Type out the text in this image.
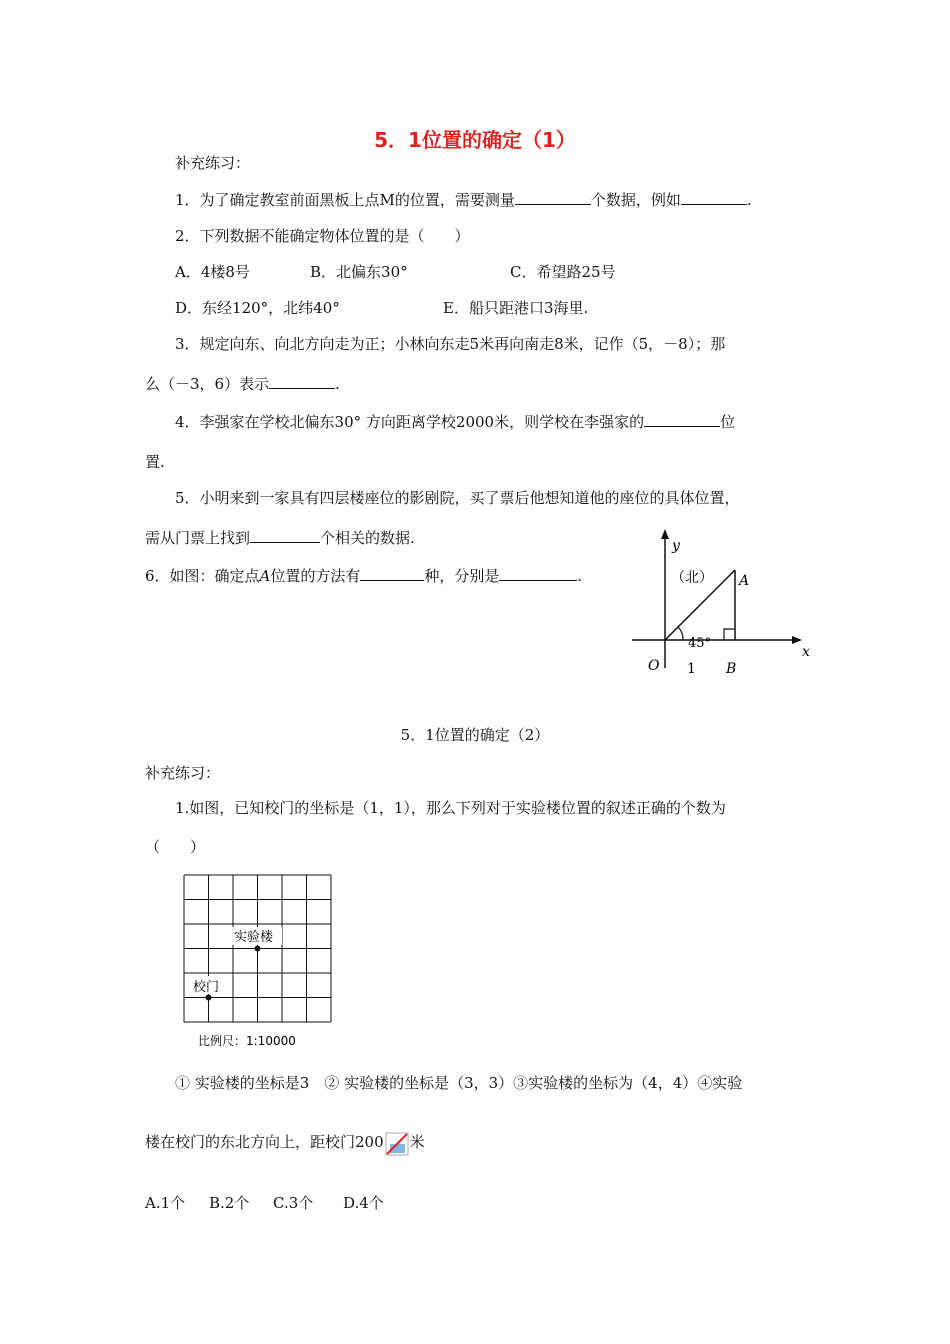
5．1位置的确定（1）
补充练习：
1．为了确定教室前面黑板上点M的位置，需要测量	个数据，例如	.
2．下列数据不能确定物体位置的是（　　）
A．4楼8号	B．北偏东30°	C．希望路25号
D．东经120°，北纬40°	E．船只距港口3海里.
3．规定向东、向北方向走为正；小林向东走5米再向南走8米，记作（5，－8）；那
么（－3，6）表示	.
4．李强家在学校北偏东30° 方向距离学校2000米，则学校在李强家的	位
置.
5．小明来到一家具有四层楼座位的影剧院，买了票后他想知道他的座位的具体位置，
需从门票上找到	个相关的数据.
6．如图：确定点A位置的方法有	种，分别是	.
y
x
（北） A
45°
O 1 B
5．1位置的确定（2）
补充练习：
1.如图，已知校门的坐标是（1，1），那么下列对于实验楼位置的叙述正确的个数为
（　　）
实验楼
校门
比例尺：1:10000
① 实验楼的坐标是3　② 实验楼的坐标是（3，3）③实验楼的坐标为（4，4）④实验
楼在校门的东北方向上，距校门200 米
A.1个 B.2个 C.3个 D.4个
